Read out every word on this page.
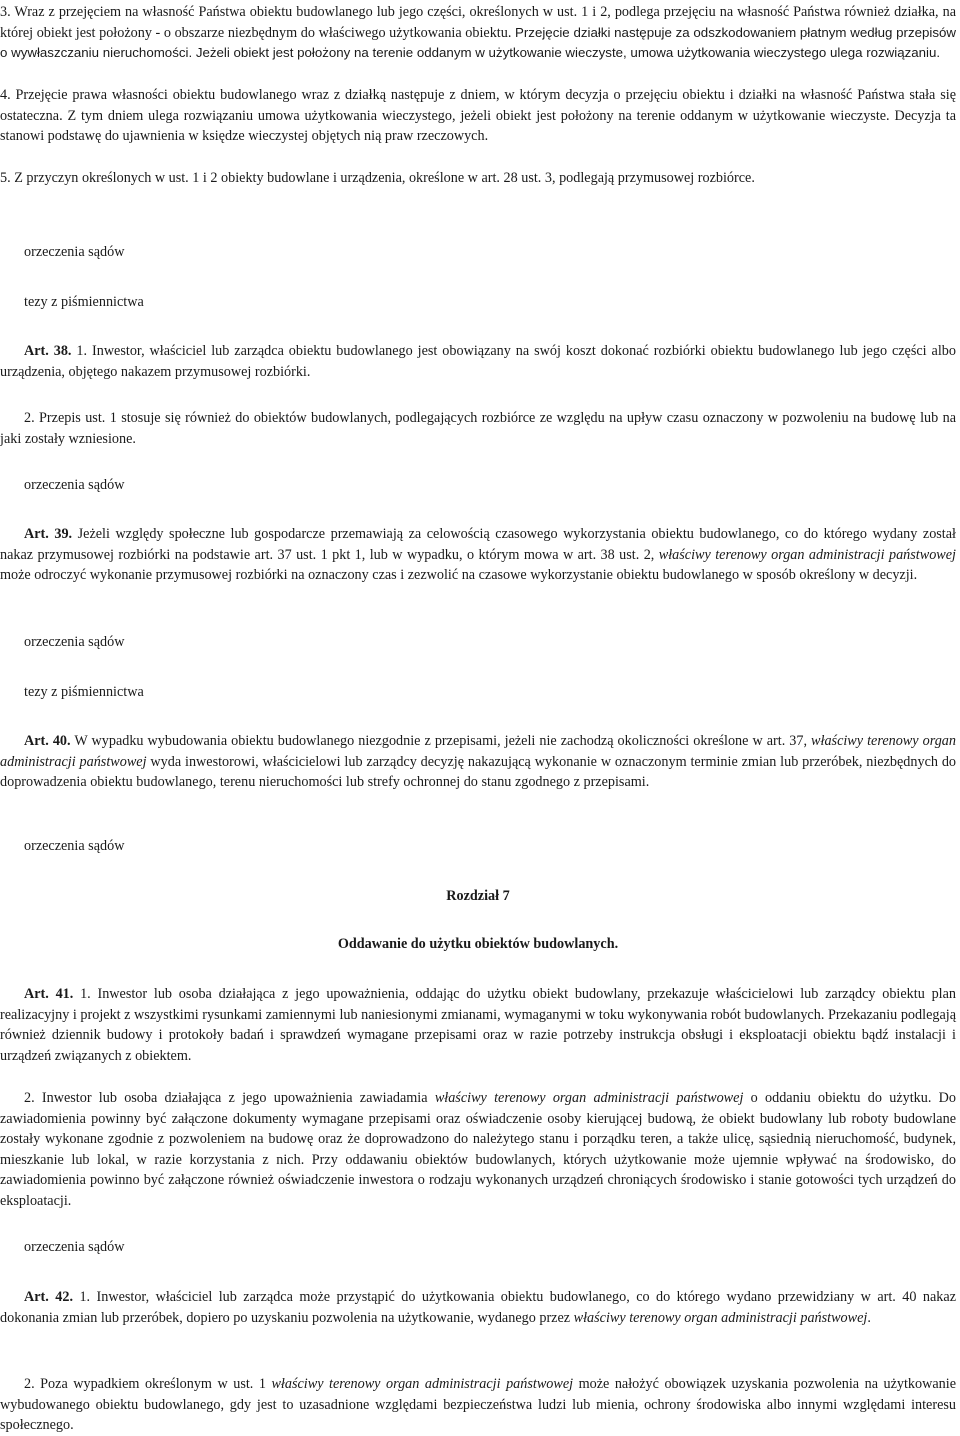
3. Wraz z przejęciem na własność Państwa obiektu budowlanego lub jego części, określonych w ust. 1 i 2, podlega przejęciu na własność Państwa również działka, na której obiekt jest położony - o obszarze niezbędnym do właściwego użytkowania obiektu. Przejęcie działki następuje za odszkodowaniem płatnym według przepisów o wywłaszczaniu nieruchomości. Jeżeli obiekt jest położony na terenie oddanym w użytkowanie wieczyste, umowa użytkowania wieczystego ulega rozwiązaniu.

4. Przejęcie prawa własności obiektu budowlanego wraz z działką następuje z dniem, w którym decyzja o przejęciu obiektu i działki na własność Państwa stała się ostateczna. Z tym dniem ulega rozwiązaniu umowa użytkowania wieczystego, jeżeli obiekt jest położony na terenie oddanym w użytkowanie wieczyste. Decyzja ta stanowi podstawę do ujawnienia w księdze wieczystej objętych nią praw rzeczowych.

5. Z przyczyn określonych w ust. 1 i 2 obiekty budowlane i urządzenia, określone w art. 28 ust. 3, podlegają przymusowej rozbiórce.

orzeczenia sądów

tezy z piśmiennictwa

Art. 38. 1. Inwestor, właściciel lub zarządca obiektu budowlanego jest obowiązany na swój koszt dokonać rozbiórki obiektu budowlanego lub jego części albo urządzenia, objętego nakazem przymusowej rozbiórki.

2. Przepis ust. 1 stosuje się również do obiektów budowlanych, podlegających rozbiórce ze względu na upływ czasu oznaczony w pozwoleniu na budowę lub na jaki zostały wzniesione.

orzeczenia sądów

Art. 39. Jeżeli względy społeczne lub gospodarcze przemawiają za celowością czasowego wykorzystania obiektu budowlanego, co do którego wydany został nakaz przymusowej rozbiórki na podstawie art. 37 ust. 1 pkt 1, lub w wypadku, o którym mowa w art. 38 ust. 2, właściwy terenowy organ administracji państwowej może odroczyć wykonanie przymusowej rozbiórki na oznaczony czas i zezwolić na czasowe wykorzystanie obiektu budowlanego w sposób określony w decyzji.

orzeczenia sądów

tezy z piśmiennictwa

Art. 40. W wypadku wybudowania obiektu budowlanego niezgodnie z przepisami, jeżeli nie zachodzą okoliczności określone w art. 37, właściwy terenowy organ administracji państwowej wyda inwestorowi, właścicielowi lub zarządcy decyzję nakazującą wykonanie w oznaczonym terminie zmian lub przeróbek, niezbędnych do doprowadzenia obiektu budowlanego, terenu nieruchomości lub strefy ochronnej do stanu zgodnego z przepisami.

orzeczenia sądów

Rozdział 7

Oddawanie do użytku obiektów budowlanych.

Art. 41. 1. Inwestor lub osoba działająca z jego upoważnienia, oddając do użytku obiekt budowlany, przekazuje właścicielowi lub zarządcy obiektu plan realizacyjny i projekt z wszystkimi rysunkami zamiennymi lub naniesionymi zmianami, wymaganymi w toku wykonywania robót budowlanych. Przekazaniu podlegają również dziennik budowy i protokoły badań i sprawdzeń wymagane przepisami oraz w razie potrzeby instrukcja obsługi i eksploatacji obiektu bądź instalacji i urządzeń związanych z obiektem.

2. Inwestor lub osoba działająca z jego upoważnienia zawiadamia właściwy terenowy organ administracji państwowej o oddaniu obiektu do użytku. Do zawiadomienia powinny być załączone dokumenty wymagane przepisami oraz oświadczenie osoby kierującej budową, że obiekt budowlany lub roboty budowlane zostały wykonane zgodnie z pozwoleniem na budowę oraz że doprowadzono do należytego stanu i porządku teren, a także ulicę, sąsiednią nieruchomość, budynek, mieszkanie lub lokal, w razie korzystania z nich. Przy oddawaniu obiektów budowlanych, których użytkowanie może ujemnie wpływać na środowisko, do zawiadomienia powinno być załączone również oświadczenie inwestora o rodzaju wykonanych urządzeń chroniących środowisko i stanie gotowości tych urządzeń do eksploatacji.

orzeczenia sądów

Art. 42. 1. Inwestor, właściciel lub zarządca może przystąpić do użytkowania obiektu budowlanego, co do którego wydano przewidziany w art. 40 nakaz dokonania zmian lub przeróbek, dopiero po uzyskaniu pozwolenia na użytkowanie, wydanego przez właściwy terenowy organ administracji państwowej.

2. Poza wypadkiem określonym w ust. 1 właściwy terenowy organ administracji państwowej może nałożyć obowiązek uzyskania pozwolenia na użytkowanie wybudowanego obiektu budowlanego, gdy jest to uzasadnione względami bezpieczeństwa ludzi lub mienia, ochrony środowiska albo innymi względami interesu społecznego.
